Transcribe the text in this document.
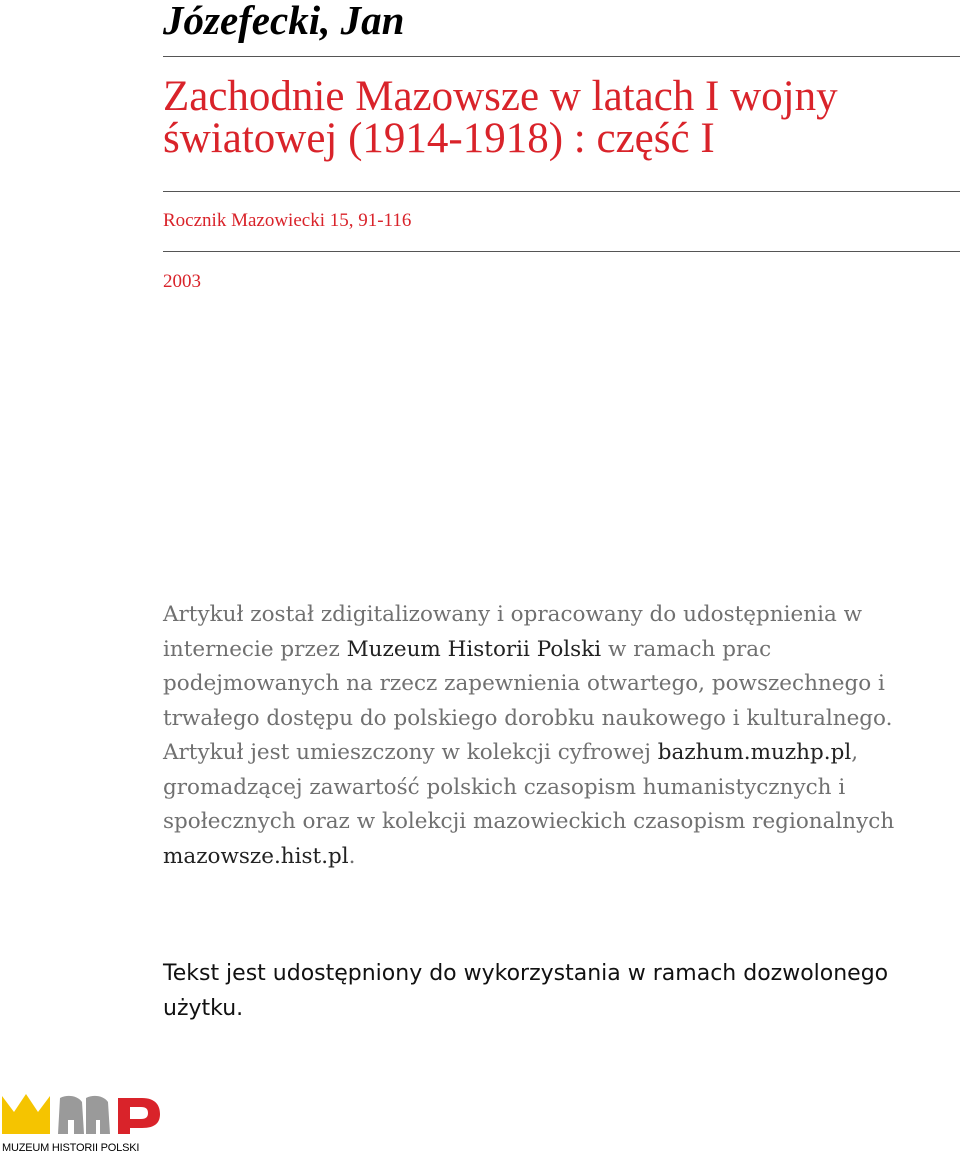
Józefecki, Jan
Zachodnie Mazowsze w latach I wojny światowej (1914-1918) : część I
Rocznik Mazowiecki 15, 91-116
2003

Artykuł został zdigitalizowany i opracowany do udostępnienia w internecie przez Muzeum Historii Polski w ramach prac podejmowanych na rzecz zapewnienia otwartego, powszechnego i trwałego dostępu do polskiego dorobku naukowego i kulturalnego. Artykuł jest umieszczony w kolekcji cyfrowej bazhum.muzhp.pl, gromadzącej zawartość polskich czasopism humanistycznych i społecznych oraz w kolekcji mazowieckich czasopism regionalnych mazowsze.hist.pl.

Tekst jest udostępniony do wykorzystania w ramach dozwolonego użytku.

MUZEUM HISTORII POLSKI
